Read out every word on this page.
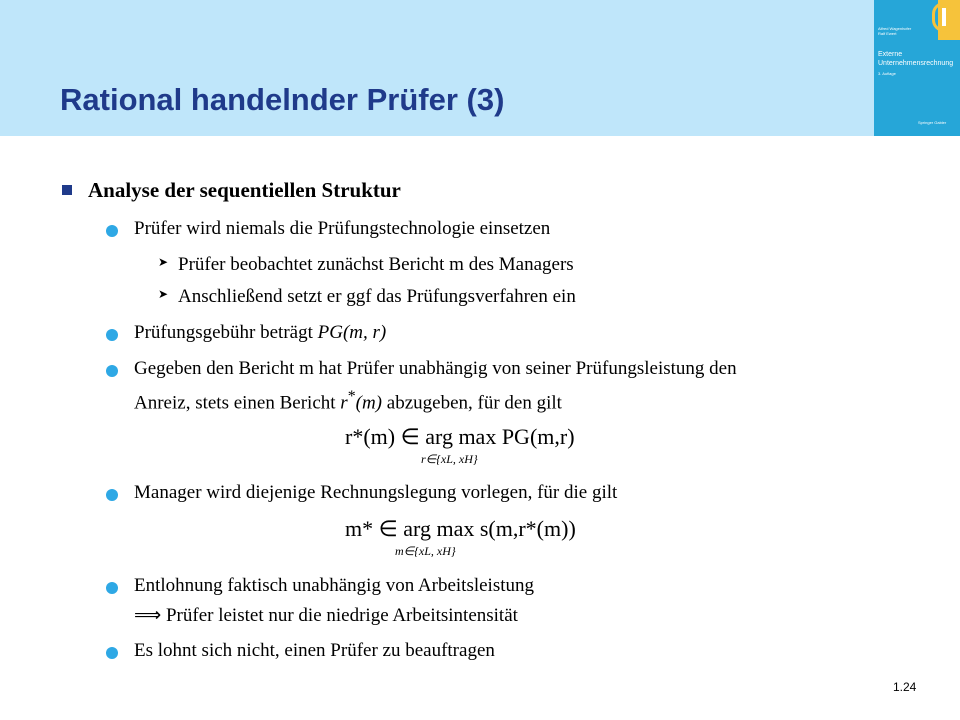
Rational handelnder Prüfer (3)
Alfred Wagenhofer
Ralf Ewert
Externe
Unternehmensrechnung
3. Auflage
Springer Gabler
Analyse der sequentiellen Struktur
Prüfer wird niemals die Prüfungstechnologie einsetzen
➤ Prüfer beobachtet zunächst Bericht m des Managers
➤ Anschließend setzt er ggf das Prüfungsverfahren ein
Prüfungsgebühr beträgt PG(m, r)
Gegeben den Bericht m hat Prüfer unabhängig von seiner Prüfungsleistung den
Anreiz, stets einen Bericht r*(m) abzugeben, für den gilt
r*(m) ∈ arg max PG(m,r)
r∈{xL, xH}
Manager wird diejenige Rechnungslegung vorlegen, für die gilt
m* ∈ arg max s(m,r*(m))
m∈{xL, xH}
Entlohnung faktisch unabhängig von Arbeitsleistung
⟹ Prüfer leistet nur die niedrige Arbeitsintensität
Es lohnt sich nicht, einen Prüfer zu beauftragen
1.24
